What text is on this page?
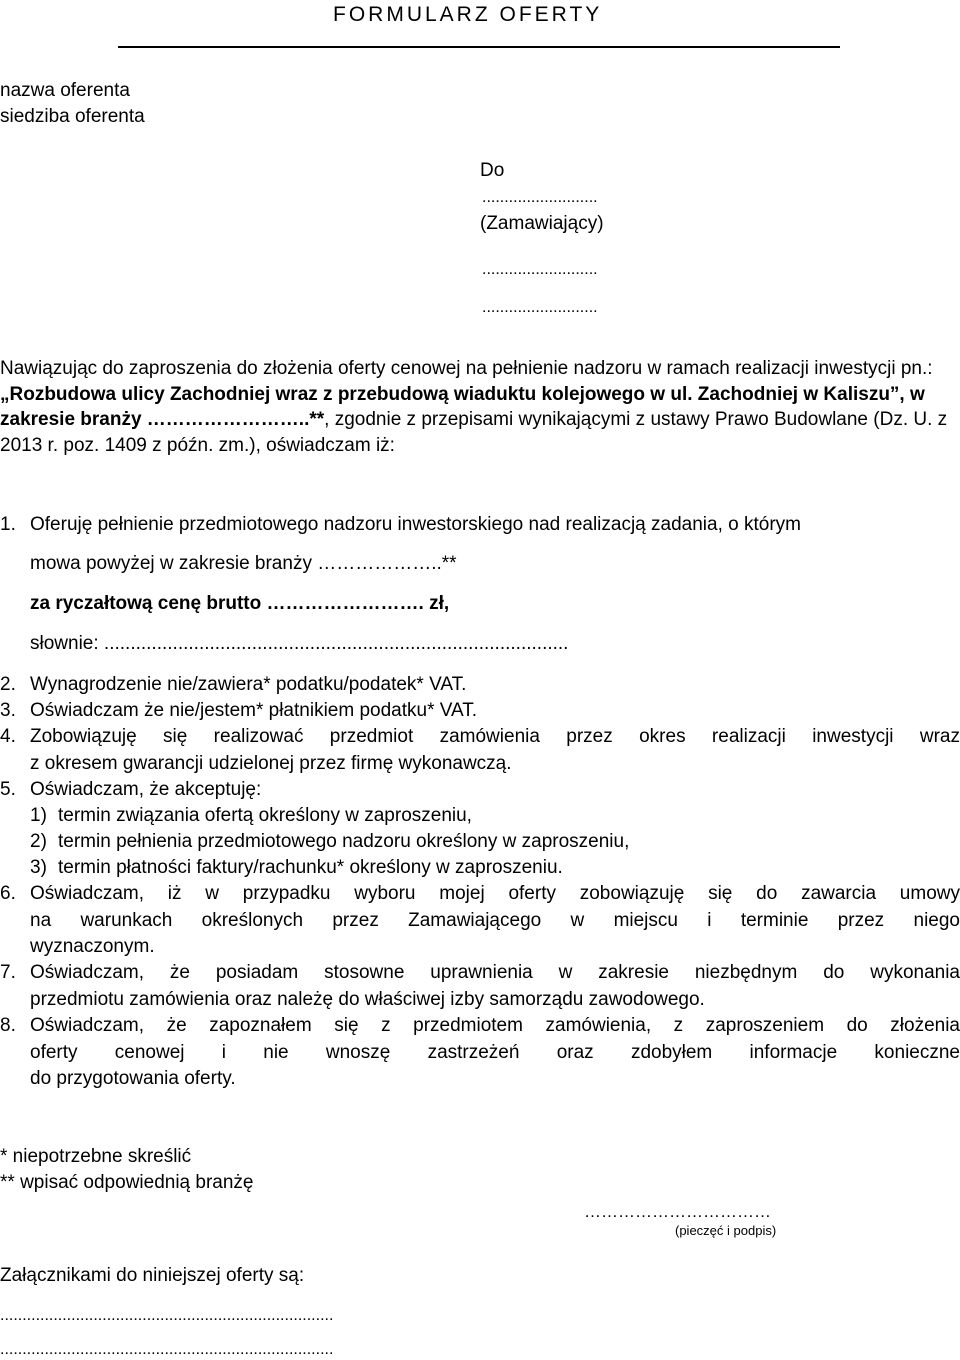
FORMULARZ OFERTY
nazwa oferenta
siedziba oferenta
Do
..........................
(Zamawiający)
..........................
..........................
Nawiązując do zaproszenia do złożenia oferty cenowej na pełnienie nadzoru w ramach realizacji inwestycji pn.: „Rozbudowa ulicy Zachodniej wraz z przebudową wiaduktu kolejowego w ul. Zachodniej w Kaliszu”, w zakresie branży ……………………..**, zgodnie z przepisami wynikającymi z ustawy Prawo Budowlane (Dz. U. z 2013 r. poz. 1409 z późn. zm.), oświadczam iż:
1. Oferuję pełnienie przedmiotowego nadzoru inwestorskiego nad realizacją zadania, o którym
mowa powyżej w zakresie branży ………………..**
za ryczałtową cenę brutto ……………………. zł,
słownie: ........................................................................................
2. Wynagrodzenie nie/zawiera* podatku/podatek* VAT.
3. Oświadczam że nie/jestem* płatnikiem podatku* VAT.
4. Zobowiązuję się realizować przedmiot zamówienia przez okres realizacji inwestycji wraz
z okresem gwarancji udzielonej przez firmę wykonawczą.
5. Oświadczam, że akceptuję:
1) termin związania ofertą określony w zaproszeniu,
2) termin pełnienia przedmiotowego nadzoru określony w zaproszeniu,
3) termin płatności faktury/rachunku* określony w zaproszeniu.
6. Oświadczam, iż w przypadku wyboru mojej oferty zobowiązuję się do zawarcia umowy
na warunkach określonych przez Zamawiającego w miejscu i terminie przez niego
wyznaczonym.
7. Oświadczam, że posiadam stosowne uprawnienia w zakresie niezbędnym do wykonania
przedmiotu zamówienia oraz należę do właściwej izby samorządu zawodowego.
8. Oświadczam, że zapoznałem się z przedmiotem zamówienia, z zaproszeniem do złożenia
oferty cenowej i nie wnoszę zastrzeżeń oraz zdobyłem informacje konieczne
do przygotowania oferty.
* niepotrzebne skreślić
** wpisać odpowiednią branżę
……………………………
(pieczęć i podpis)
Załącznikami do niniejszej oferty są:
...........................................................................
...........................................................................
